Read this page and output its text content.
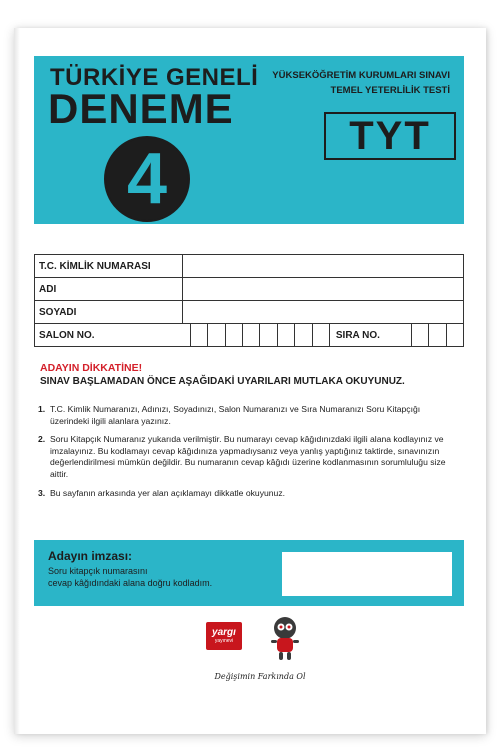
TÜRKİYE GENELİ
DENEME
4
YÜKSEKÖĞRETİM KURUMLARI SINAVI
TEMEL YETERLİLİK TESTİ
TYT
T.C. KİMLİK NUMARASI	
ADI	
SOYADI	

SALON NO. SIRA NO.	
ADAYIN DİKKATİNE!
SINAV BAŞLAMADAN ÖNCE AŞAĞIDAKİ UYARILARI MUTLAKA OKUYUNUZ.
1. T.C. Kimlik Numaranızı, Adınızı, Soyadınızı, Salon Numaranızı ve Sıra Numaranızı Soru Kitapçığı üzerindeki ilgili alanlara yazınız.
2. Soru Kitapçık Numaranız yukarıda verilmiştir. Bu numarayı cevap kâğıdınızdaki ilgili alana kodlayınız ve imzalayınız. Bu kodlamayı cevap kâğıdınıza yapmadıysanız veya yanlış yaptığınız taktirde, sınavınızın değerlendirilmesi mümkün değildir. Bu numaranın cevap kâğıdı üzerine kodlanmasının sorumluluğu size aittir.
3. Bu sayfanın arkasında yer alan açıklamayı dikkatle okuyunuz.
Adayın imzası:
Soru kitapçık numarasını
cevap kâğıdındaki alana doğru kodladım.
yargı
yayınevi
Değişimin Farkında Ol
